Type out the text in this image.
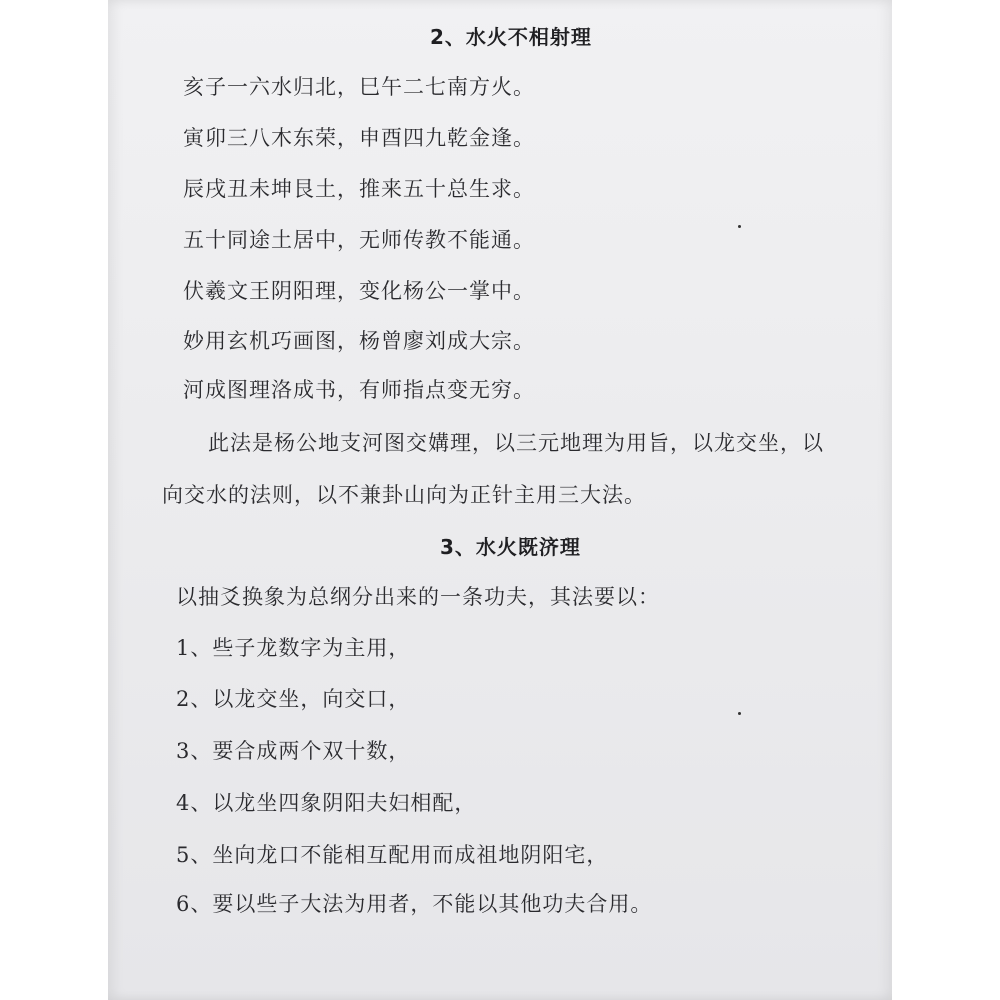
2、水火不相射理
亥子一六水归北，巳午二七南方火。
寅卯三八木东荣，申酉四九乾金逢。
辰戌丑未坤艮土，推来五十总生求。
五十同途土居中，无师传教不能通。
伏羲文王阴阳理，变化杨公一掌中。
妙用玄机巧画图，杨曾廖刘成大宗。
河成图理洛成书，有师指点变无穷。
此法是杨公地支河图交媾理，以三元地理为用旨，以龙交坐，以
向交水的法则，以不兼卦山向为正针主用三大法。
3、水火既济理
以抽爻换象为总纲分出来的一条功夫，其法要以：
1、些子龙数字为主用，
2、以龙交坐，向交口，
3、要合成两个双十数，
4、以龙坐四象阴阳夫妇相配，
5、坐向龙口不能相互配用而成祖地阴阳宅，
6、要以些子大法为用者，不能以其他功夫合用。
